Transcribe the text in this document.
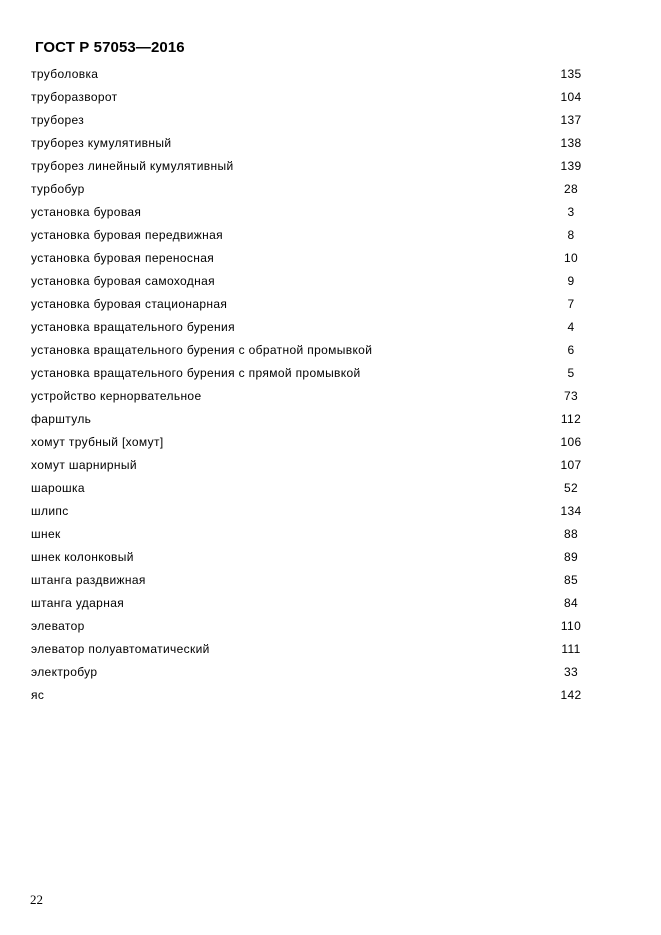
ГОСТ Р 57053—2016
труболовка	135
труборазворот	104
труборез	137
труборез кумулятивный	138
труборез линейный кумулятивный	139
турбобур	28
установка буровая	3
установка буровая передвижная	8
установка буровая переносная	10
установка буровая самоходная	9
установка буровая стационарная	7
установка вращательного бурения	4
установка вращательного бурения с обратной промывкой	6
установка вращательного бурения с прямой промывкой	5
устройство кернорвательное	73
фарштуль	112
хомут трубный [хомут]	106
хомут шарнирный	107
шарошка	52
шлипс	134
шнек	88
шнек колонковый	89
штанга раздвижная	85
штанга ударная	84
элеватор	110
элеватор полуавтоматический	111
электробур	33
яс	142
22
